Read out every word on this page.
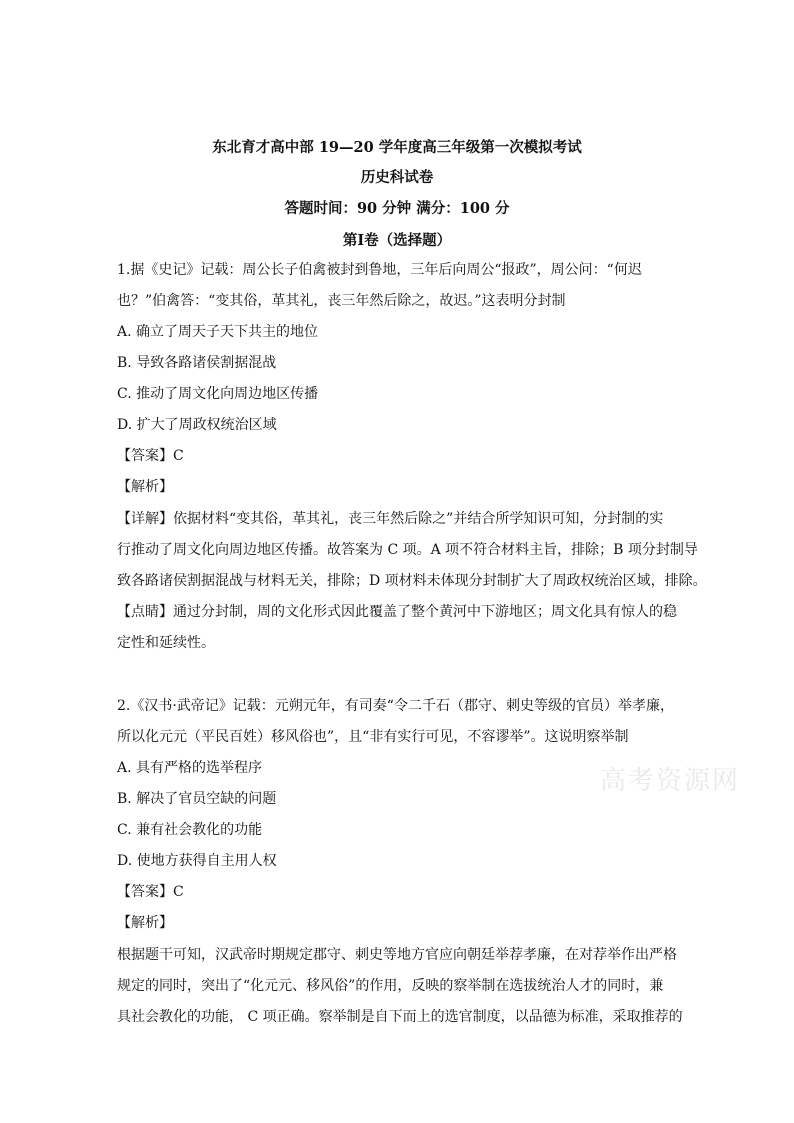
东北育才高中部 19—20 学年度高三年级第一次模拟考试
历史科试卷
答题时间：90 分钟 满分：100 分
第Ⅰ卷（选择题）
1.据《史记》记载：周公长子伯禽被封到鲁地，三年后向周公“报政”，周公问：“何迟
也？”伯禽答：“变其俗，革其礼，丧三年然后除之，故迟。”这表明分封制
A. 确立了周天子天下共主的地位
B. 导致各路诸侯割据混战
C. 推动了周文化向周边地区传播
D. 扩大了周政权统治区域
【答案】C
【解析】
【详解】依据材料“变其俗，革其礼，丧三年然后除之”并结合所学知识可知，分封制的实
行推动了周文化向周边地区传播。故答案为 C 项。A 项不符合材料主旨，排除；B 项分封制导
致各路诸侯割据混战与材料无关，排除；D 项材料未体现分封制扩大了周政权统治区域，排除。
【点睛】通过分封制，周的文化形式因此覆盖了整个黄河中下游地区；周文化具有惊人的稳
定性和延续性。
2.《汉书·武帝记》记载：元朔元年，有司奏“令二千石（郡守、刺史等级的官员）举孝廉，
所以化元元（平民百姓）移风俗也”，且“非有实行可见，不容谬举”。这说明察举制
A. 具有严格的选举程序
B. 解决了官员空缺的问题
C. 兼有社会教化的功能
D. 使地方获得自主用人权
【答案】C
【解析】
根据题干可知，汉武帝时期规定郡守、刺史等地方官应向朝廷举荐孝廉，在对荐举作出严格
规定的同时，突出了“化元元、移风俗”的作用，反映的察举制在选拔统治人才的同时，兼
具社会教化的功能， C 项正确。察举制是自下而上的选官制度，以品德为标准，采取推荐的
高考资源网
